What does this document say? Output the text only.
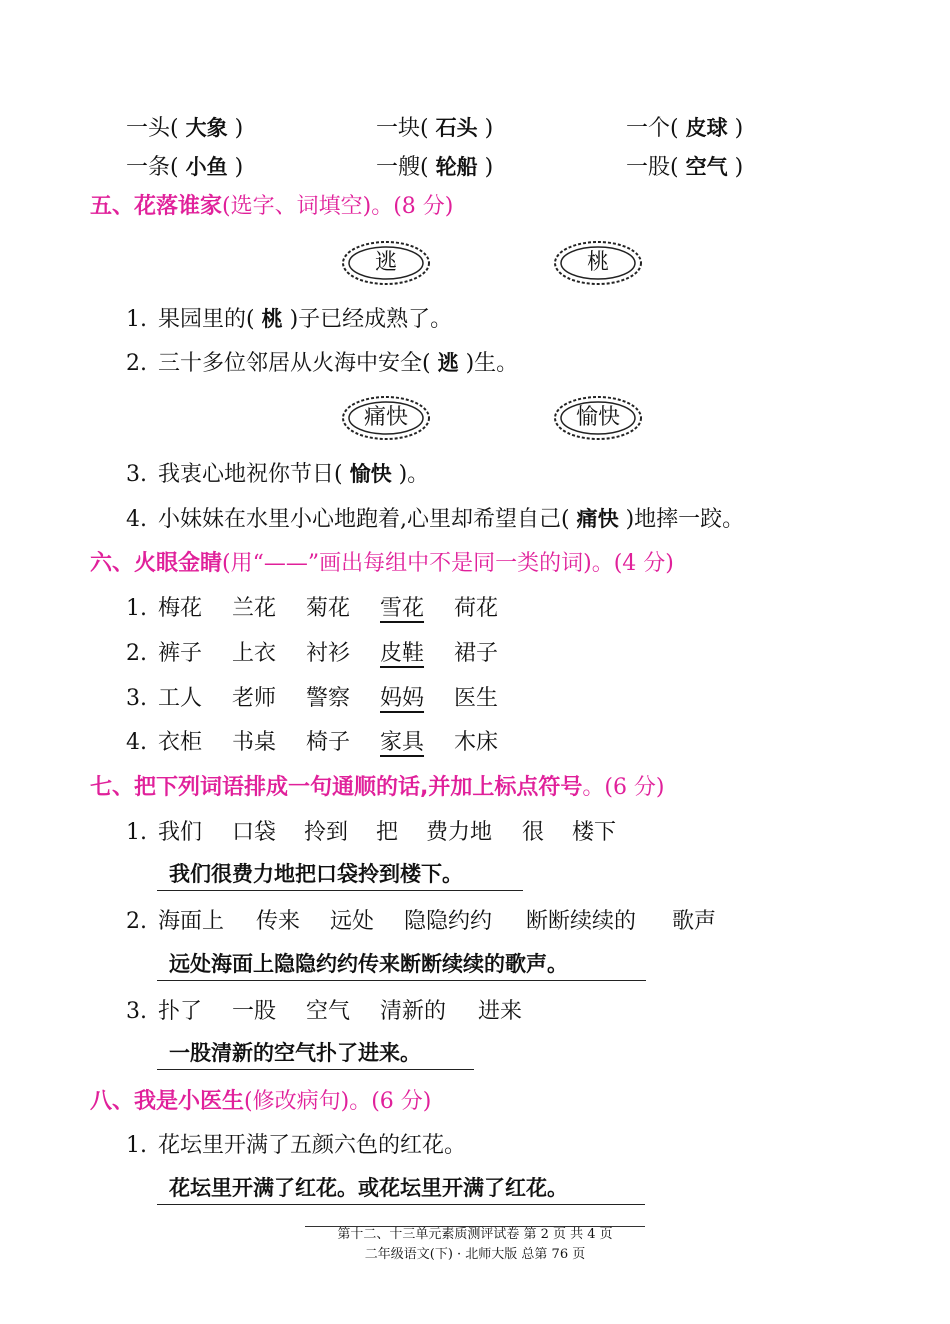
一头( 大象 )	一块( 石头 )	一个( 皮球 )
一条( 小鱼 )	一艘( 轮船 )	一股( 空气 )
五、花落谁家(选字、词填空)。(8 分)
逃	桃
1. 果园里的( 桃 )子已经成熟了。
2. 三十多位邻居从火海中安全( 逃 )生。
痛快	愉快
3. 我衷心地祝你节日( 愉快 )。
4. 小妹妹在水里小心地跑着,心里却希望自己( 痛快 )地摔一跤。
六、火眼金睛(用“——”画出每组中不是同一类的词)。(4 分)
1. 梅花 兰花 菊花 雪花 荷花
2. 裤子 上衣 衬衫 皮鞋 裙子
3. 工人 老师 警察 妈妈 医生
4. 衣柜 书桌 椅子 家具 木床
七、把下列词语排成一句通顺的话,并加上标点符号。(6 分)
1. 我们 口袋 拎到 把 费力地 很 楼下
我们很费力地把口袋拎到楼下。
2. 海面上 传来 远处 隐隐约约 断断续续的 歌声
远处海面上隐隐约约传来断断续续的歌声。
3. 扑了 一股 空气 清新的 进来
一股清新的空气扑了进来。
八、我是小医生(修改病句)。(6 分)
1. 花坛里开满了五颜六色的红花。
花坛里开满了红花。或花坛里开满了红花。
第十二、十三单元素质测评试卷 第 2 页 共 4 页
二年级语文(下) · 北师大版 总第 76 页
